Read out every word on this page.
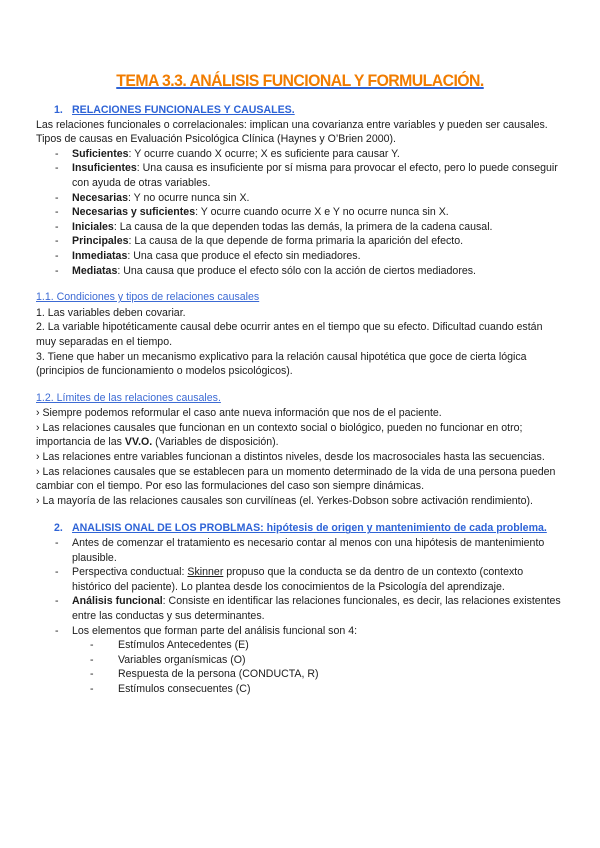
TEMA 3.3. ANÁLISIS FUNCIONAL Y FORMULACIÓN.
1. RELACIONES FUNCIONALES Y CAUSALES.

Las relaciones funcionales o correlacionales: implican una covarianza entre variables y pueden ser causales.

Tipos de causas en Evaluación Psicológica Clínica (Haynes y O’Brien 2000).

- Suficientes: Y ocurre cuando X ocurre; X es suficiente para causar Y.
- Insuficientes: Una causa es insuficiente por sí misma para provocar el efecto, pero lo puede conseguir con ayuda de otras variables.
- Necesarias: Y no ocurre nunca sin X.
- Necesarias y suficientes: Y ocurre cuando ocurre X e Y no ocurre nunca sin X.
- Iniciales: La causa de la que dependen todas las demás, la primera de la cadena causal.
- Principales: La causa de la que depende de forma primaria la aparición del efecto.
- Inmediatas: Una casa que produce el efecto sin mediadores.
- Mediatas: Una causa que produce el efecto sólo con la acción de ciertos mediadores.
1.1. Condiciones y tipos de relaciones causales

1. Las variables deben covariar.

2. La variable hipotéticamente causal debe ocurrir antes en el tiempo que su efecto. Dificultad cuando están muy separadas en el tiempo.

3. Tiene que haber un mecanismo explicativo para la relación causal hipotética que goce de cierta lógica (principios de funcionamiento o modelos psicológicos).

1.2. Límites de las relaciones causales.

› Siempre podemos reformular el caso ante nueva información que nos de el paciente.

› Las relaciones causales que funcionan en un contexto social o biológico, pueden no funcionar en otro; importancia de las VV.O. (Variables de disposición).

› Las relaciones entre variables funcionan a distintos niveles, desde los macrosociales hasta las secuencias.

› Las relaciones causales que se establecen para un momento determinado de la vida de una persona pueden cambiar con el tiempo. Por eso las formulaciones del caso son siempre dinámicas.

› La mayoría de las relaciones causales son curvilíneas (el. Yerkes-Dobson sobre activación rendimiento).

2. ANALISIS ONAL DE LOS PROBLMAS: hipótesis de origen y mantenimiento de cada problema.
- Antes de comenzar el tratamiento es necesario contar al menos con una hipótesis de mantenimiento plausible.
- Perspectiva conductual: Skinner propuso que la conducta se da dentro de un contexto (contexto histórico del paciente). Lo plantea desde los conocimientos de la Psicología del aprendizaje.
- Análisis funcional: Consiste en identificar las relaciones funcionales, es decir, las relaciones existentes entre las conductas y sus determinantes.
- Los elementos que forman parte del análisis funcional son 4:
- Estímulos Antecedentes (E)
- Variables organísmicas (O)
- Respuesta de la persona (CONDUCTA, R)
- Estímulos consecuentes (C)
